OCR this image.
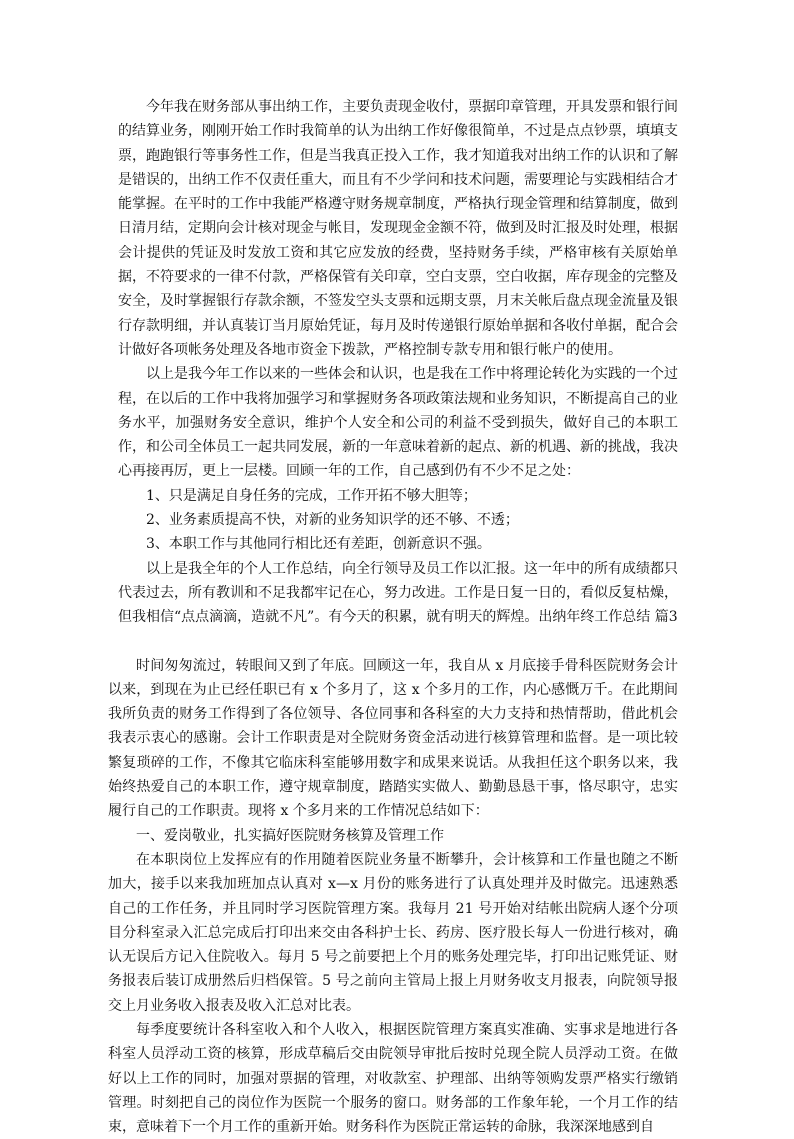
今年我在财务部从事出纳工作，主要负责现金收付，票据印章管理，开具发票和银行间的结算业务，刚刚开始工作时我简单的认为出纳工作好像很简单，不过是点点钞票，填填支票，跑跑银行等事务性工作，但是当我真正投入工作，我才知道我对出纳工作的认识和了解是错误的，出纳工作不仅责任重大，而且有不少学问和技术问题，需要理论与实践相结合才能掌握。在平时的工作中我能严格遵守财务规章制度，严格执行现金管理和结算制度，做到日清月结，定期向会计核对现金与帐目，发现现金金额不符，做到及时汇报及时处理，根据会计提供的凭证及时发放工资和其它应发放的经费，坚持财务手续，严格审核有关原始单据，不符要求的一律不付款，严格保管有关印章，空白支票，空白收据，库存现金的完整及安全，及时掌握银行存款余额，不签发空头支票和远期支票，月末关帐后盘点现金流量及银行存款明细，并认真装订当月原始凭证，每月及时传递银行原始单据和各收付单据，配合会计做好各项帐务处理及各地市资金下拨款，严格控制专款专用和银行帐户的使用。

以上是我今年工作以来的一些体会和认识，也是我在工作中将理论转化为实践的一个过程，在以后的工作中我将加强学习和掌握财务各项政策法规和业务知识，不断提高自己的业务水平，加强财务安全意识，维护个人安全和公司的利益不受到损失，做好自己的本职工作，和公司全体员工一起共同发展，新的一年意味着新的起点、新的机遇、新的挑战，我决心再接再厉，更上一层楼。回顾一年的工作，自己感到仍有不少不足之处：

1、只是满足自身任务的完成，工作开拓不够大胆等；

2、业务素质提高不快，对新的业务知识学的还不够、不透；

3、本职工作与其他同行相比还有差距，创新意识不强。

以上是我全年的个人工作总结，向全行领导及员工作以汇报。这一年中的所有成绩都只代表过去，所有教训和不足我都牢记在心，努力改进。工作是日复一日的，看似反复枯燥，但我相信“点点滴滴，造就不凡”。有今天的积累，就有明天的辉煌。出纳年终工作总结 篇3

时间匆匆流过，转眼间又到了年底。回顾这一年，我自从 x 月底接手骨科医院财务会计以来，到现在为止已经任职已有 x 个多月了，这 x 个多月的工作，内心感慨万千。在此期间我所负责的财务工作得到了各位领导、各位同事和各科室的大力支持和热情帮助，借此机会我表示衷心的感谢。会计工作职责是对全院财务资金活动进行核算管理和监督。是一项比较繁复琐碎的工作，不像其它临床科室能够用数字和成果来说话。从我担任这个职务以来，我始终热爱自己的本职工作，遵守规章制度，踏踏实实做人、勤勤恳恳干事，恪尽职守，忠实履行自己的工作职责。现将 x 个多月来的工作情况总结如下：

一、爱岗敬业，扎实搞好医院财务核算及管理工作

在本职岗位上发挥应有的作用随着医院业务量不断攀升，会计核算和工作量也随之不断加大，接手以来我加班加点认真对 x—x 月份的账务进行了认真处理并及时做完。迅速熟悉自己的工作任务，并且同时学习医院管理方案。我每月 21 号开始对结帐出院病人逐个分项目分科室录入汇总完成后打印出来交由各科护士长、药房、医疗股长每人一份进行核对，确认无误后方记入住院收入。每月 5 号之前要把上个月的账务处理完毕，打印出记账凭证、财务报表后装订成册然后归档保管。5 号之前向主管局上报上月财务收支月报表，向院领导报交上月业务收入报表及收入汇总对比表。

每季度要统计各科室收入和个人收入，根据医院管理方案真实准确、实事求是地进行各科室人员浮动工资的核算，形成草稿后交由院领导审批后按时兑现全院人员浮动工资。在做好以上工作的同时，加强对票据的管理，对收款室、护理部、出纳等领购发票严格实行缴销管理。时刻把自己的岗位作为医院一个服务的窗口。财务部的工作象年轮，一个月工作的结束，意味着下一个月工作的重新开始。财务科作为医院正常运转的命脉，我深深地感到自
